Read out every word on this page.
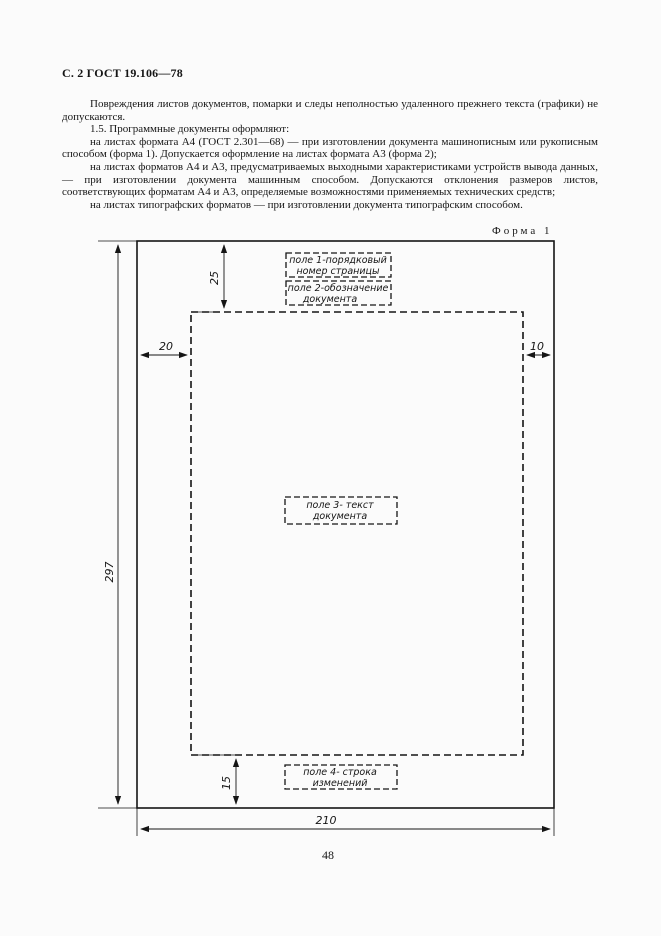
С. 2 ГОСТ 19.106—78

Повреждения листов документов, помарки и следы неполностью удаленного прежнего текста (графики) не допускаются.

1.5. Программные документы оформляют:

на листах формата А4 (ГОСТ 2.301—68) — при изготовлении документа машинописным или рукописным способом (форма 1). Допускается оформление на листах формата А3 (форма 2);

на листах форматов А4 и А3, предусматриваемых выходными характеристиками устройств вывода данных, — при изготовлении документа машинным способом. Допускаются отклонения размеров листов, соответствующих форматам А4 и А3, определяемые возможностями применяемых технических средств;

на листах типографских форматов — при изготовлении документа типографским способом.

Форма 1
297
210
25
20	10
15
поле 1-порядковый
номер страницы
поле 2-обозначение
документа
поле 3- текст
документа
поле 4- строка
изменений
48
